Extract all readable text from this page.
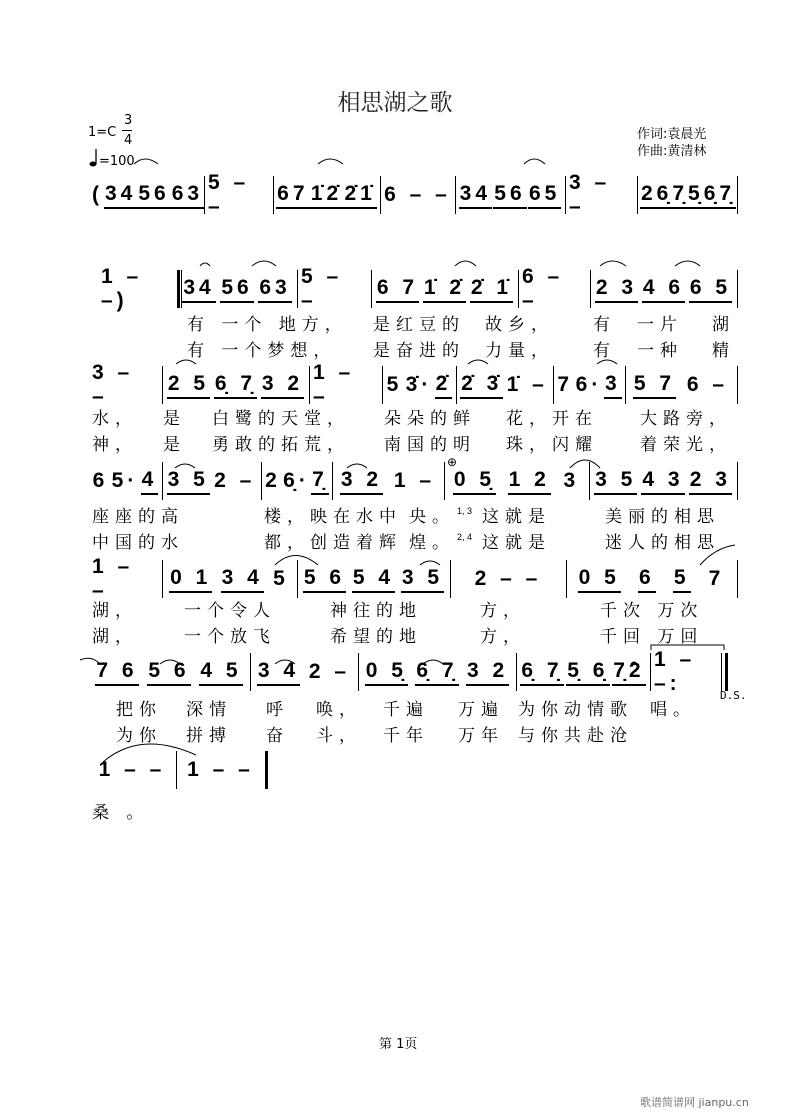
相思湖之歌
1=C
3
4
=100
作词:袁晨光
作曲:黄清林
( 34 56 63 5 – –
67 1̇2̇ 2̇1̇ 6 – – 34 56 65 3 – –
26̣7̣5̣6̣7̣
1 – –)
34 56 63 5 – –
6 7 1̇ 2̇ 2̇ 1̇ 6 – –
2 3 4 6 6 5
3 – –
2 5 6̣ 7̣ 3 2 1 – –
5 3̇· 2̇ 2̇ 3̇ 1̇ – 7 6· 3 5 7 6 –
6 5· 4 3 5 2 – 2 6̣· 7̣ 3 2 1 – 0 5̣ 1 2 3 3 5 4 3 2 3
1 – –
0 1 3 4 5 5 6 5 4 3 5 2 – – 0 5 6 5 7
7 6 5 6 4 5 3 4 2 – 0 5̣ 6̣ 7̣ 3 2 6̣ 7̣ 5̣ 6̣ 7̣2 1 – –:
1 – – 1 – –
有 一个 地方， 是红豆的 故乡， 有 一片 湖
有 一个梦想， 是奋进的 力量， 有 一种 精
水， 是 白鹭的天堂， 朵朵的鲜 花，开在 大路旁，
神， 是 勇敢的拓荒， 南国的明 珠，闪耀 着荣光，
座座的高	楼，映在水中 央。 这就是	美丽的相思
中国的水	都，创造着辉 煌。 这就是	迷人的相思
湖，	一个令人	神往的地	方，	千次 万次
湖，	一个放飞	希望的地	方，	千回 万回
把你 深情 呼 唤， 千遍 万遍 为你动情歌 唱。
为你 拼搏 奋 斗， 千年 万年 与你共赴沧
桑 。
1, 3
2, 4
⊕
D.S.
第 1页
歌谱简谱网 jianpu.cn
